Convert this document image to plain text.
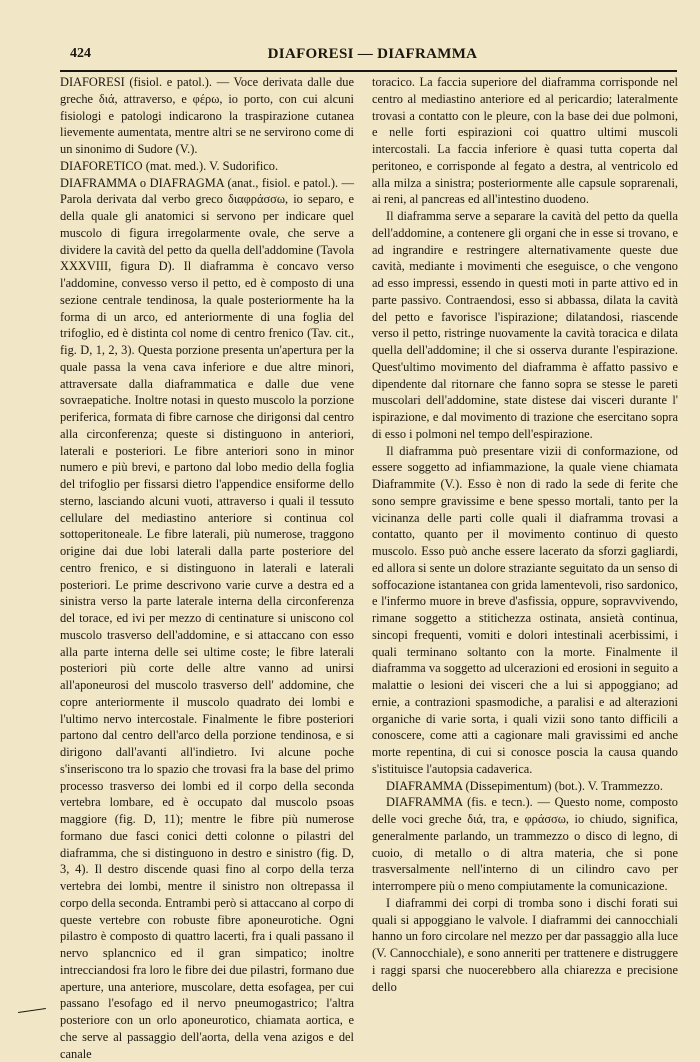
424	DIAFORESI — DIAFRAMMA

DIAFORESI (fisiol. e patol.). — Voce derivata dalle due greche διά, attraverso, e φέρω, io porto, con cui alcuni fisiologi e patologi indicarono la traspirazione cutanea lievemente aumentata, mentre altri se ne servirono come di un sinonimo di Sudore (V.).

DIAFORETICO (mat. med.). V. Sudorifico.

DIAFRAMMA o DIAFRAGMA (anat., fisiol. e patol.). — Parola derivata dal verbo greco διαφράσσω, io separo, e della quale gli anatomici si servono per indicare quel muscolo di figura irregolarmente ovale, che serve a dividere la cavità del petto da quella dell'addomine (Tavola XXXVIII, figura D). Il diaframma è concavo verso l'addomine, convesso verso il petto, ed è composto di una sezione centrale tendinosa, la quale posteriormente ha la forma di un arco, ed anteriormente di una foglia del trifoglio, ed è distinta col nome di centro frenico (Tav. cit., fig. D, 1, 2, 3). Questa porzione presenta un'apertura per la quale passa la vena cava inferiore e due altre minori, attraversate dalla diaframmatica e dalle due vene sovraepatiche. Inoltre notasi in questo muscolo la porzione periferica, formata di fibre carnose che dirigonsi dal centro alla circonferenza; queste si distinguono in anteriori, laterali e posteriori. Le fibre anteriori sono in minor numero e più brevi, e partono dal lobo medio della foglia del trifoglio per fissarsi dietro l'appendice ensiforme dello sterno, lasciando alcuni vuoti, attraverso i quali il tessuto cellulare del mediastino anteriore si continua col sottoperitoneale. Le fibre laterali, più numerose, traggono origine dai due lobi laterali dalla parte posteriore del centro frenico, e si distinguono in laterali e laterali posteriori. Le prime descrivono varie curve a destra ed a sinistra verso la parte laterale interna della circonferenza del torace, ed ivi per mezzo di centinature si uniscono col muscolo trasverso dell'addomine, e si attaccano con esso alla parte interna delle sei ultime coste; le fibre laterali posteriori più corte delle altre vanno ad unirsi all'aponeurosi del muscolo trasverso dell' addomine, che copre anteriormente il muscolo quadrato dei lombi e l'ultimo nervo intercostale. Finalmente le fibre posteriori partono dal centro dell'arco della porzione tendinosa, e si dirigono dall'avanti all'indietro. Ivi alcune poche s'inseriscono tra lo spazio che trovasi fra la base del primo processo trasverso dei lombi ed il corpo della seconda vertebra lombare, ed è occupato dal muscolo psoas maggiore (fig. D, 11); mentre le fibre più numerose formano due fasci conici detti colonne o pilastri del diaframma, che si distinguono in destro e sinistro (fig. D, 3, 4). Il destro discende quasi fino al corpo della terza vertebra dei lombi, mentre il sinistro non oltrepassa il corpo della seconda. Entrambi però si attaccano al corpo di queste vertebre con robuste fibre aponeurotiche. Ogni pilastro è composto di quattro lacerti, fra i quali passano il nervo splancnico ed il gran simpatico; inoltre intrecciandosi fra loro le fibre dei due pilastri, formano due aperture, una anteriore, muscolare, detta esofagea, per cui passano l'esofago ed il nervo pneumogastrico; l'altra posteriore con un orlo aponeurotico, chiamata aortica, e che serve al passaggio dell'aorta, della vena azigos e del canale

toracico. La faccia superiore del diaframma corrisponde nel centro al mediastino anteriore ed al pericardio; lateralmente trovasi a contatto con le pleure, con la base dei due polmoni, e nelle forti espirazioni coi quattro ultimi muscoli intercostali. La faccia inferiore è quasi tutta coperta dal peritoneo, e corrisponde al fegato a destra, al ventricolo ed alla milza a sinistra; posteriormente alle capsule soprarenali, ai reni, al pancreas ed all'intestino duodeno.

Il diaframma serve a separare la cavità del petto da quella dell'addomine, a contenere gli organi che in esse si trovano, e ad ingrandire e restringere alternativamente queste due cavità, mediante i movimenti che eseguisce, o che vengono ad esso impressi, essendo in questi moti in parte attivo ed in parte passivo. Contraendosi, esso si abbassa, dilata la cavità del petto e favorisce l'ispirazione; dilatandosi, riascende verso il petto, ristringe nuovamente la cavità toracica e dilata quella dell'addomine; il che si osserva durante l'espirazione. Quest'ultimo movimento del diaframma è affatto passivo e dipendente dal ritornare che fanno sopra se stesse le pareti muscolari dell'addomine, state distese dai visceri durante l' ispirazione, e dal movimento di trazione che esercitano sopra di esso i polmoni nel tempo dell'espirazione.

Il diaframma può presentare vizii di conformazione, od essere soggetto ad infiammazione, la quale viene chiamata Diaframmite (V.). Esso è non di rado la sede di ferite che sono sempre gravissime e bene spesso mortali, tanto per la vicinanza delle parti colle quali il diaframma trovasi a contatto, quanto per il movimento continuo di questo muscolo. Esso può anche essere lacerato da sforzi gagliardi, ed allora si sente un dolore straziante seguitato da un senso di soffocazione istantanea con grida lamentevoli, riso sardonico, e l'infermo muore in breve d'asfissia, oppure, sopravvivendo, rimane soggetto a stitichezza ostinata, ansietà continua, sincopi frequenti, vomiti e dolori intestinali acerbissimi, i quali terminano soltanto con la morte. Finalmente il diaframma va soggetto ad ulcerazioni ed erosioni in seguito a malattie o lesioni dei visceri che a lui si appoggiano; ad ernie, a contrazioni spasmodiche, a paralisi e ad alterazioni organiche di varie sorta, i quali vizii sono tanto difficili a conoscere, come atti a cagionare mali gravissimi ed anche morte repentina, di cui si conosce poscia la causa quando s'istituisce l'autopsia cadaverica.

DIAFRAMMA (Dissepimentum) (bot.). V. Trammezzo.

DIAFRAMMA (fis. e tecn.). — Questo nome, composto delle voci greche διά, tra, e φράσσω, io chiudo, significa, generalmente parlando, un trammezzo o disco di legno, di cuoio, di metallo o di altra materia, che si pone trasversalmente nell'interno di un cilindro cavo per interrompere più o meno compiutamente la comunicazione.

I diaframmi dei corpi di tromba sono i dischi forati sui quali si appoggiano le valvole. I diaframmi dei cannocchiali hanno un foro circolare nel mezzo per dar passaggio alla luce (V. Cannocchiale), e sono anneriti per trattenere e distruggere i raggi sparsi che nuocerebbero alla chiarezza e precisione dello
